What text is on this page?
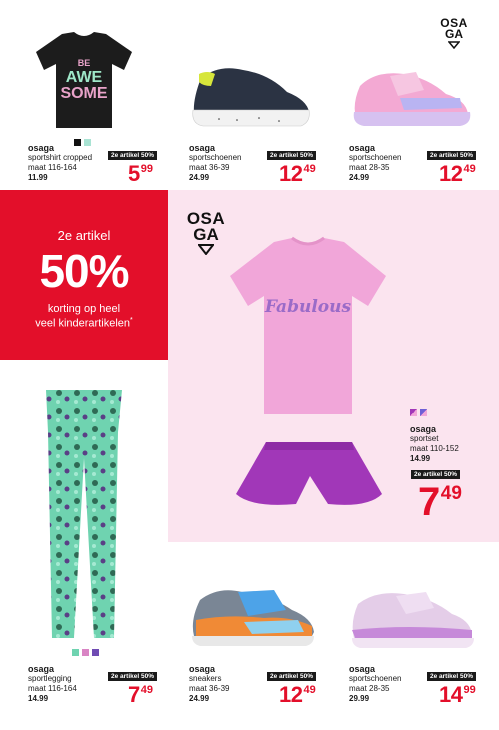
2e artikel
50%
korting op heel
veel kinderartikelen*
OSA
GA
OSA
GA
BE
AWE
SOME
Fabulous
osaga
sportshirt cropped
maat 116-164
11.99
2e artikel 50%
$5^{99}$
osaga
sportschoenen
maat 36-39
24.99
2e artikel 50%
$12^{49}$
osaga
sportschoenen
maat 28-35
24.99
2e artikel 50%
$12^{49}$
osaga
sportset
maat 110-152
14.99
2e artikel 50%
749
osaga
sportlegging
maat 116-164
14.99
2e artikel 50%
$7^{49}$
osaga
sneakers
maat 36-39
24.99
2e artikel 50%
$12^{49}$
osaga
sportschoenen
maat 28-35
29.99
2e artikel 50%
$14^{99}$
